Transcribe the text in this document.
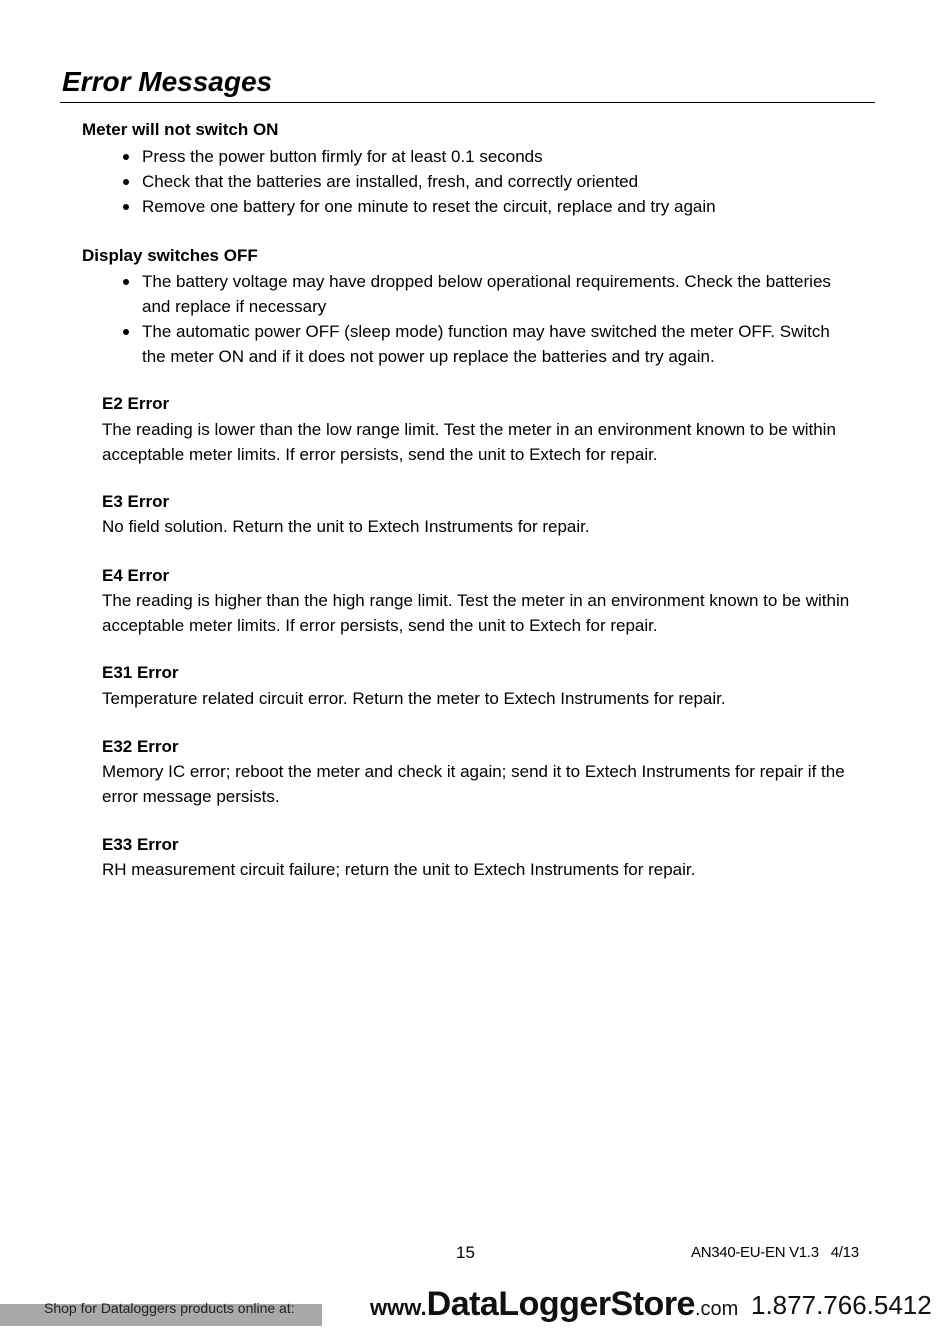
Error Messages
Meter will not switch ON
Press the power button firmly for at least 0.1 seconds
Check that the batteries are installed, fresh, and correctly oriented
Remove one battery for one minute to reset the circuit, replace and try again
Display switches OFF
The battery voltage may have dropped below operational requirements. Check the batteries and replace if necessary
The automatic power OFF (sleep mode) function may have switched the meter OFF. Switch the meter ON and if it does not power up replace the batteries and try again.
E2 Error
The reading is lower than the low range limit. Test the meter in an environment known to be within acceptable meter limits. If error persists, send the unit to Extech for repair.
E3 Error
No field solution. Return the unit to Extech Instruments for repair.
E4 Error
The reading is higher than the high range limit. Test the meter in an environment known to be within acceptable meter limits. If error persists, send the unit to Extech for repair.
E31 Error
Temperature related circuit error. Return the meter to Extech Instruments for repair.
E32 Error
Memory IC error; reboot the meter and check it again; send it to Extech Instruments for repair if the error message persists.
E33 Error
RH measurement circuit failure; return the unit to Extech Instruments for repair.
15	AN340-EU-EN V1.3 4/13
Shop for Dataloggers products online at:	www.DataLoggerStore.com 1.877.766.5412
